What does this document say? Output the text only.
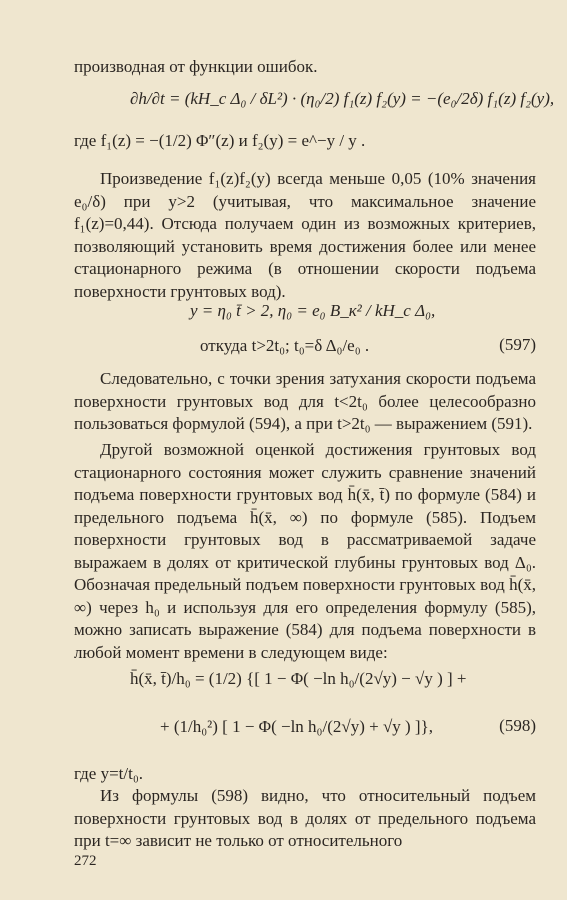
производная от функции ошибок.

∂h/∂t = (kH_c Δ₀ / δL²) · (η₀/2) f₁(z) f₂(y) = −(e₀/2δ) f₁(z) f₂(y),

где f₁(z) = −(1/2) Φ″(z) и f₂(y) = e^−y / y .

Произведение f₁(z)f₂(y) всегда меньше 0,05 (10% значения e₀/δ) при y>2 (учитывая, что максимальное значение f₁(z)=0,44). Отсюда получаем один из возможных критериев, позволяющий установить время достижения более или менее стационарного режима (в отношении скорости подъема поверхности грунтовых вод).

y = η₀ t̄ > 2, η₀ = e₀ B_к² / kH_c Δ₀,
откуда t>2t₀; t₀=δ Δ₀/e₀ .	(597)

Следовательно, с точки зрения затухания скорости подъема поверхности грунтовых вод для t<2t₀ более целесообразно пользоваться формулой (594), а при t>2t₀ — выражением (591).

Другой возможной оценкой достижения грунтовых вод стационарного состояния может служить сравнение значений подъема поверхности грунтовых вод h̄(x̄, t̄) по формуле (584) и предельного подъема h̄(x̄, ∞) по формуле (585). Подъем поверхности грунтовых вод в рассматриваемой задаче выражаем в долях от критической глубины грунтовых вод Δ₀. Обозначая предельный подъем поверхности грунтовых вод h̄(x̄, ∞) через h₀ и используя для его определения формулу (585), можно записать выражение (584) для подъема поверхности в любой момент времени в следующем виде:

h̄(x̄, t̄)/h₀ = (1/2) {[ 1 − Φ( −ln h₀/(2√y) − √y ) ] +
+ (1/h₀²) [ 1 − Φ( −ln h₀/(2√y) + √y ) ]},	(598)

где y=t/t₀.

Из формулы (598) видно, что относительный подъем поверхности грунтовых вод в долях от предельного подъема при t=∞ зависит не только от относительного

272
